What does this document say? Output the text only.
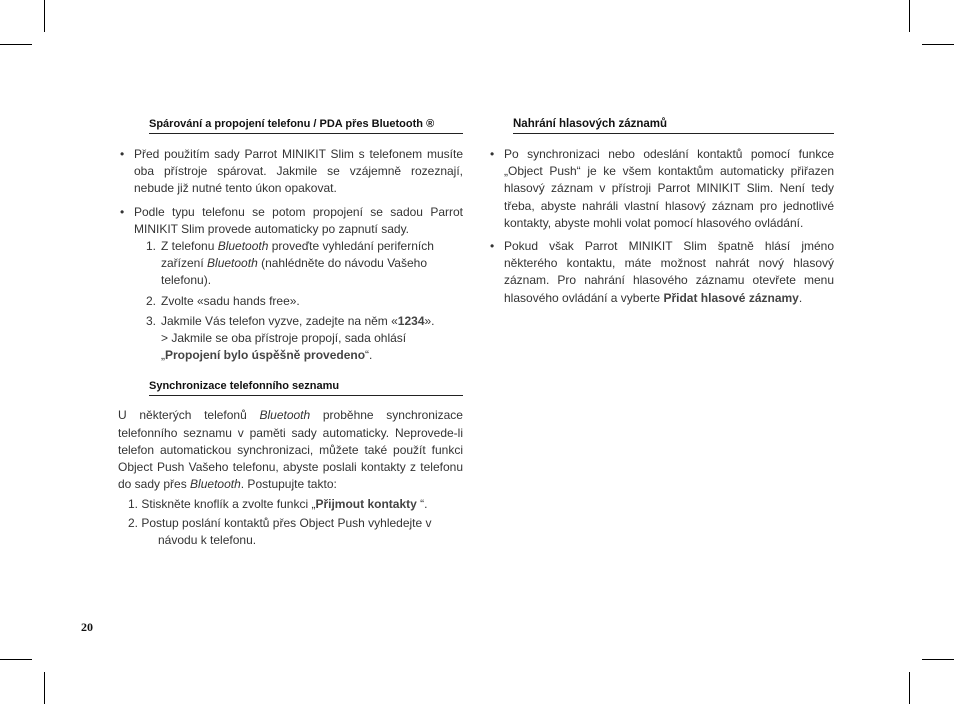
Spárování a propojení telefonu / PDA přes Bluetooth ®
• Před použitím sady Parrot MINIKIT Slim s telefonem musíte oba přístroje spárovat. Jakmile se vzájemně rozeznají, nebude již nutné tento úkon opakovat.
• Podle typu telefonu se potom propojení se sadou Parrot MINIKIT Slim provede automaticky po zapnutí sady.
1. Z telefonu Bluetooth proveďte vyhledání periferních zařízení Bluetooth (nahlédněte do návodu Vašeho telefonu).
2. Zvolte «sadu hands free».
3. Jakmile Vás telefon vyzve, zadejte na něm «1234».
> Jakmile se oba přístroje propojí, sada ohlásí
„Propojení bylo úspěšně provedeno“.
Synchronizace telefonního seznamu
U některých telefonů Bluetooth proběhne synchronizace telefonního seznamu v paměti sady automaticky. Neprovede-li telefon automatickou synchronizaci, můžete také použít funkci Object Push Vašeho telefonu, abyste poslali kontakty z telefonu do sady přes Bluetooth. Postupujte takto:
1. Stiskněte knoflík a zvolte funkci „Přijmout kontakty “.
2. Postup poslání kontaktů přes Object Push vyhledejte v
návodu k telefonu.
Nahrání hlasových záznamů
• Po synchronizaci nebo odeslání kontaktů pomocí funkce „Object Push“ je ke všem kontaktům automaticky přiřazen hlasový záznam v přístroji Parrot MINIKIT Slim. Není tedy třeba, abyste nahráli vlastní hlasový záznam pro jednotlivé kontakty, abyste mohli volat pomocí hlasového ovládání.
• Pokud však Parrot MINIKIT Slim špatně hlásí jméno některého kontaktu, máte možnost nahrát nový hlasový záznam. Pro nahrání hlasového záznamu otevřete menu hlasového ovládání a vyberte Přidat hlasové záznamy.
20
